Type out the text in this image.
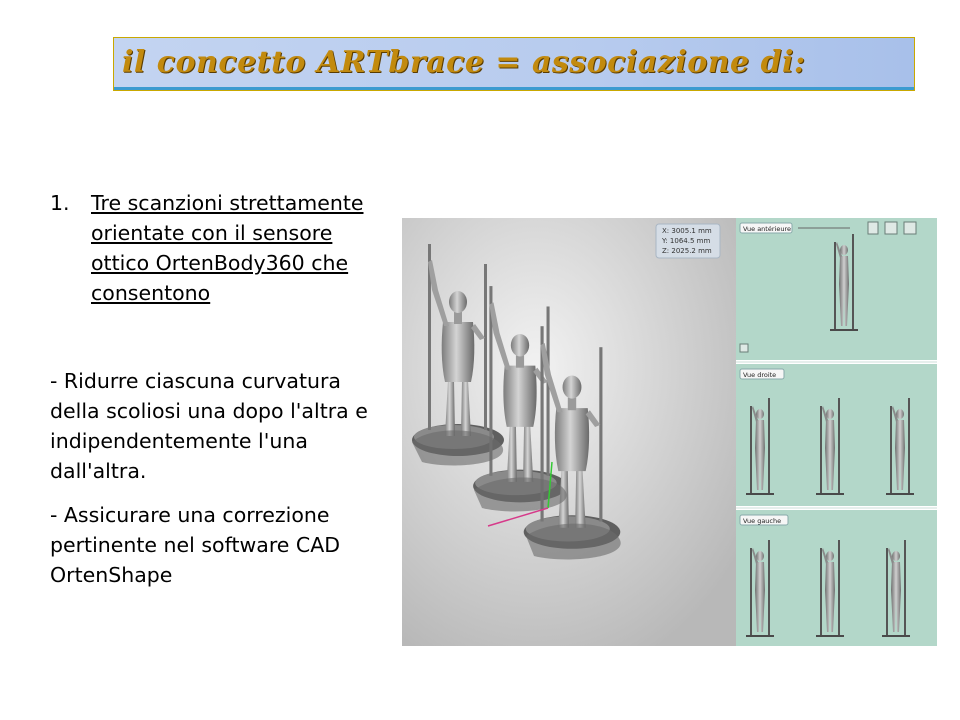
il concetto ARTbrace = associazione di:
1. Tre scanzioni strettamente orientate con il sensore ottico OrtenBody360 che consentono
- Ridurre ciascuna curvatura della scoliosi una dopo l'altra e indipendentemente l'una dall'altra.
- Assicurare una correzione pertinente nel software CAD OrtenShape
X: 3005.1 mm
Y: 1064.5 mm
Z: 2025.2 mm
Vue antérieure
Vue droite
Vue gauche
